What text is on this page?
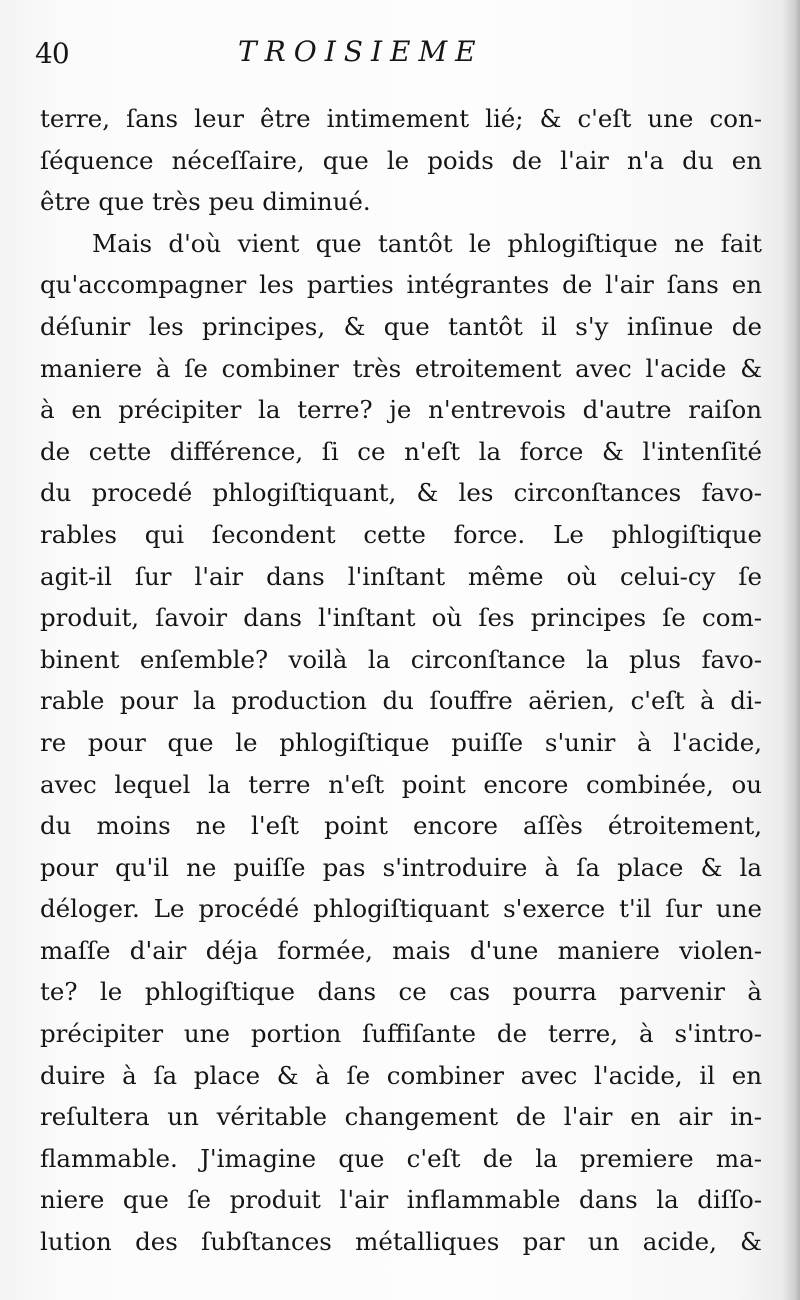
40	TROISIEME
terre, ſans leur être intimement lié; & c'eſt une con-
ſéquence néceſſaire, que le poids de l'air n'a du en
être que très peu diminué.
Mais d'où vient que tantôt le phlogiſtique ne fait
qu'accompagner les parties intégrantes de l'air ſans en
déſunir les principes, & que tantôt il s'y inſinue de
maniere à ſe combiner très etroitement avec l'acide &
à en précipiter la terre? je n'entrevois d'autre raiſon
de cette différence, ſi ce n'eſt la force & l'intenſité
du procedé phlogiſtiquant, & les circonſtances favo-
rables qui ſecondent cette force. Le phlogiſtique
agit-il ſur l'air dans l'inſtant même où celui-cy ſe
produit, ſavoir dans l'inſtant où ſes principes ſe com-
binent enſemble? voilà la circonſtance la plus favo-
rable pour la production du ſouffre aërien, c'eſt à di-
re pour que le phlogiſtique puiſſe s'unir à l'acide,
avec lequel la terre n'eſt point encore combinée, ou
du moins ne l'eſt point encore aſſès étroitement,
pour qu'il ne puiſſe pas s'introduire à ſa place & la
déloger. Le procédé phlogiſtiquant s'exerce t'il ſur une
maſſe d'air déja formée, mais d'une maniere violen-
te? le phlogiſtique dans ce cas pourra parvenir à
précipiter une portion ſuffiſante de terre, à s'intro-
duire à ſa place & à ſe combiner avec l'acide, il en
reſultera un véritable changement de l'air en air in-
flammable. J'imagine que c'eſt de la premiere ma-
niere que ſe produit l'air inflammable dans la diſſo-
lution des ſubſtances métalliques par un acide, &
